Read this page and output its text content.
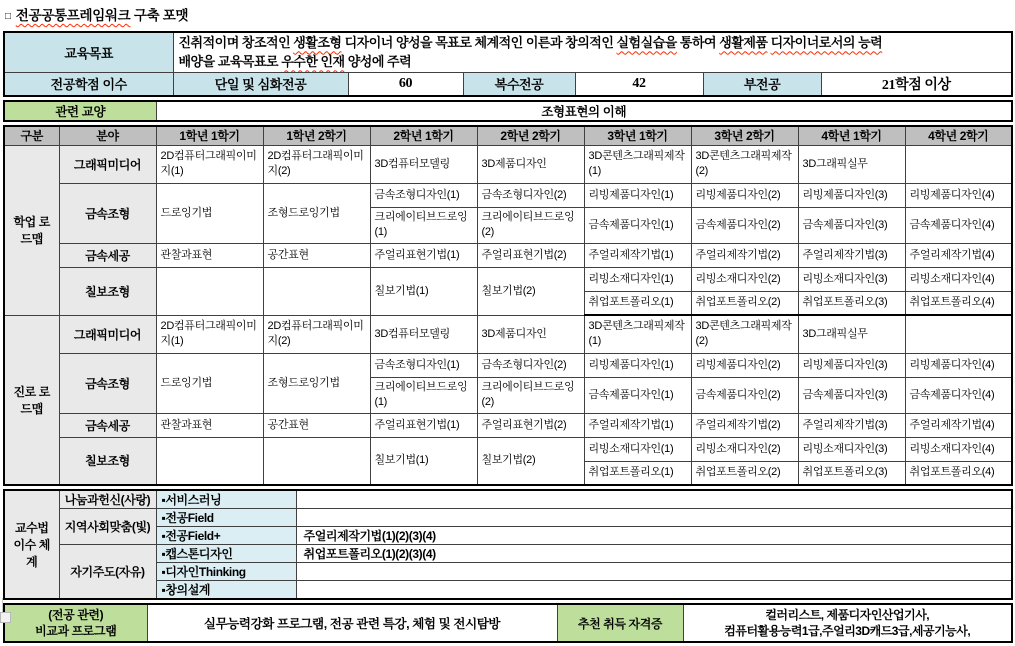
□ 전공공통프레임워크 구축 포맷
교육목표	진취적이며 창조적인 생활조형 디자이너 양성을 목표로 체계적인 이른과 창의적인 실험실습을 통하여 생활제품 디자이너로서의 능력
배양을 교육목표로 우수한 인재 양성에 주력					

전공학점 이수	단일 및 심화전공	60	복수전공	42	부전공	21학점 이상
관련 교양	조형표현의 이해
구분	분야	1학년 1학기	1학년 2학기	2학년 1학기	2학년 2학기	3학년 1학기	3학년 2학기	4학년 1학기	4학년 2학기
학업 로드맵	그래픽미디어	2D컴퓨터그래픽이미지(1)	2D컴퓨터그래픽이미지(2)	3D컴퓨터모델링	3D제품디자인	3D콘텐츠그래픽제작(1)	3D콘텐츠그래픽제작(2)	3D그래픽실무	
	금속조형	드로잉기법	조형드로잉기법	금속조형디자인(1)	금속조형디자인(2)	리빙제품디자인(1)	리빙제품디자인(2)	리빙제품디자인(3)	리빙제품디자인(4)
				크리에이티브드로잉(1)	크리에이티브드로잉(2)	금속제품디자인(1)	금속제품디자인(2)	금속제품디자인(3)	금속제품디자인(4)
	금속세공	관찰과표현	공간표현	주얼리표현기법(1)	주얼리표현기법(2)	주얼리제작기법(1)	주얼리제작기법(2)	주얼리제작기법(3)	주얼리제작기법(4)
	칠보조형			칠보기법(1)	칠보기법(2)	리빙소재디자인(1)	리빙소재디자인(2)	리빙소재디자인(3)	리빙소재디자인(4)
						취업포트폴리오(1)	취업포트폴리오(2)	취업포트폴리오(3)	취업포트폴리오(4)
진로 로드맵	그래픽미디어	2D컴퓨터그래픽이미지(1)	2D컴퓨터그래픽이미지(2)	3D컴퓨터모델링	3D제품디자인	3D콘텐츠그래픽제작(1)	3D콘텐츠그래픽제작(2)	3D그래픽실무	
	금속조형	드로잉기법	조형드로잉기법	금속조형디자인(1)	금속조형디자인(2)	리빙제품디자인(1)	리빙제품디자인(2)	리빙제품디자인(3)	리빙제품디자인(4)
				크리에이티브드로잉(1)	크리에이티브드로잉(2)	금속제품디자인(1)	금속제품디자인(2)	금속제품디자인(3)	금속제품디자인(4)
	금속세공	관찰과표현	공간표현	주얼리표현기법(1)	주얼리표현기법(2)	주얼리제작기법(1)	주얼리제작기법(2)	주얼리제작기법(3)	주얼리제작기법(4)
	칠보조형			칠보기법(1)	칠보기법(2)	리빙소재디자인(1)	리빙소재디자인(2)	리빙소재디자인(3)	리빙소재디자인(4)
						취업포트폴리오(1)	취업포트폴리오(2)	취업포트폴리오(3)	취업포트폴리오(4)
교수법 이수 체계	나눔과헌신(사랑)	▪서비스러닝	
	지역사회맞춤(빛)	▪전공Field	
		▪전공Field+	주얼리제작기법(1)(2)(3)(4)
	자기주도(자유)	▪캡스톤디자인	취업포트폴리오(1)(2)(3)(4)
		▪디자인Thinking	
		▪창의설계	
(전공 관련)
비교과 프로그램	실무능력강화 프로그램, 전공 관련 특강, 체험 및 전시탐방	추천 취득 자격증	
컬러리스트, 제품디자인산업기사,
컴퓨터활용능력1급,주얼리3D캐드3급,세공기능사,
